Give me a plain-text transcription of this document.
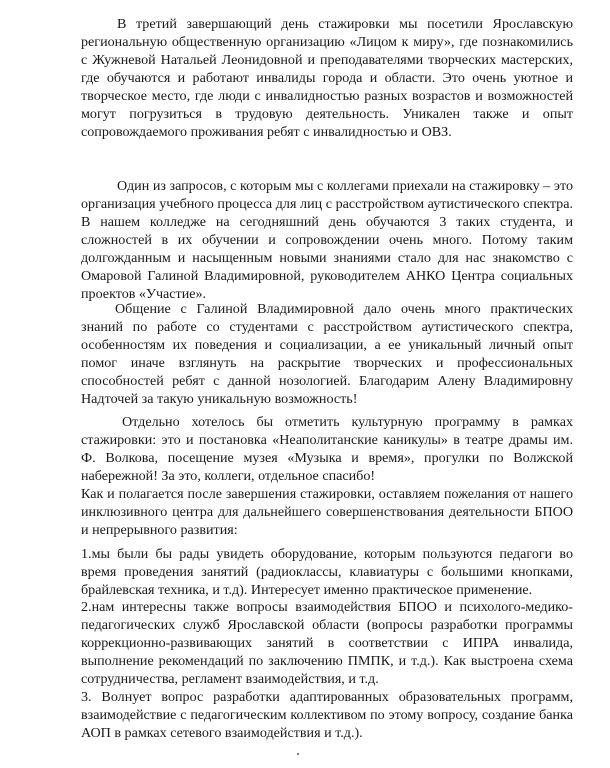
В третий завершающий день стажировки мы посетили Ярославскую региональную общественную организацию «Лицом к миру», где познакомились с Жужневой Натальей Леонидовной и преподавателями творческих мастерских, где обучаются и работают инвалиды города и области. Это очень уютное и творческое место, где люди с инвалидностью разных возрастов и возможностей могут погрузиться в трудовую деятельность. Уникален также и опыт сопровождаемого проживания ребят с инвалидностью и ОВЗ.

Один из запросов, с которым мы с коллегами приехали на стажировку – это организация учебного процесса для лиц с расстройством аутистического спектра. В нашем колледже на сегодняшний день обучаются 3 таких студента, и сложностей в их обучении и сопровождении очень много. Потому таким долгожданным и насыщенным новыми знаниями стало для нас знакомство с Омаровой Галиной Владимировной, руководителем АНКО Центра социальных проектов «Участие».

Общение с Галиной Владимировной дало очень много практических знаний по работе со студентами с расстройством аутистического спектра, особенностям их поведения и социализации, а ее уникальный личный опыт помог иначе взглянуть на раскрытие творческих и профессиональных способностей ребят с данной нозологией. Благодарим Алену Владимировну Надточей за такую уникальную возможность!

Отдельно хотелось бы отметить культурную программу в рамках стажировки: это и постановка «Неаполитанские каникулы» в театре драмы им. Ф. Волкова, посещение музея «Музыка и время», прогулки по Волжской набережной! За это, коллеги, отдельное спасибо!

Как и полагается после завершения стажировки, оставляем пожелания от нашего инклюзивного центра для дальнейшего совершенствования деятельности БПОО и непрерывного развития:

1.мы были бы рады увидеть оборудование, которым пользуются педагоги во время проведения занятий (радиоклассы, клавиатуры с большими кнопками, брайлевская техника, и т.д). Интересует именно практическое применение.

2.нам интересны также вопросы взаимодействия БПОО и психолого-медико-педагогических служб Ярославской области (вопросы разработки программы коррекционно-развивающих занятий в соответствии с ИПРА инвалида, выполнение рекомендаций по заключению ПМПК, и т.д.). Как выстроена схема сотрудничества, регламент взаимодействия, и т.д.

3. Волнует вопрос разработки адаптированных образовательных программ, взаимодействие с педагогическим коллективом по этому вопросу, создание банка АОП в рамках сетевого взаимодействия и т.д.).
